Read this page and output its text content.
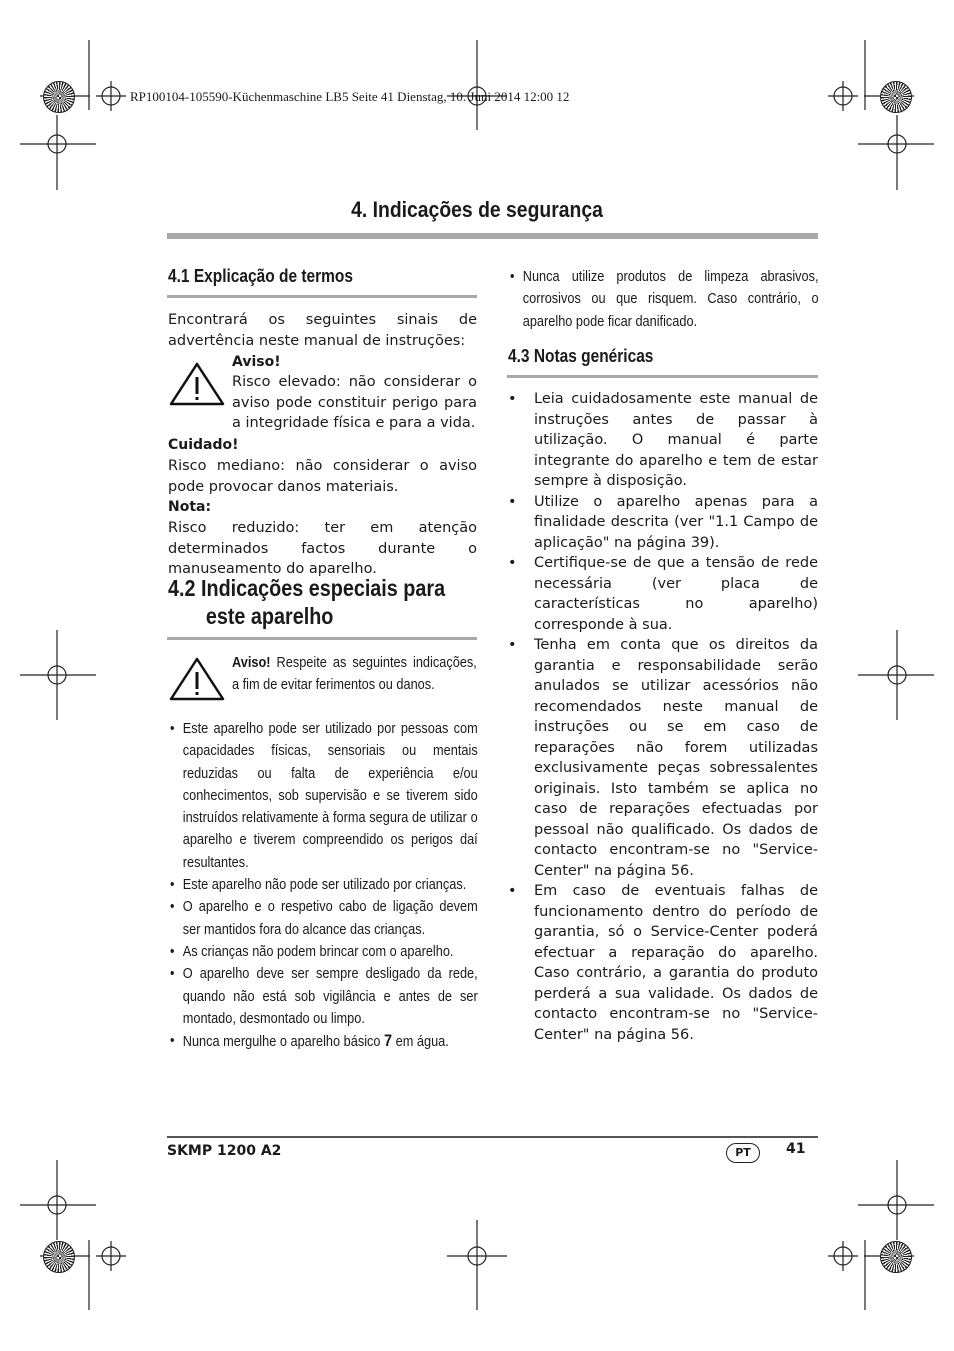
RP100104-105590-Küchenmaschine LB5 Seite 41 Dienstag, 10. Juni 2014 12:00 12
4. Indicações de segurança
4.1 Explicação de termos
Encontrará os seguintes sinais de advertência neste manual de instruções:
Aviso!
Risco elevado: não considerar o aviso pode constituir perigo para a integridade física e para a vida.
Cuidado!
Risco mediano: não considerar o aviso pode provocar danos materiais.
Nota:
Risco reduzido: ter em atenção determinados factos durante o manuseamento do aparelho.
4.2 Indicações especiais para
este aparelho
Aviso! Respeite as seguintes indicações, a fim de evitar ferimentos ou danos.
• Este aparelho pode ser utilizado por pessoas com capacidades físicas, sensoriais ou mentais reduzidas ou falta de experiência e/ou conhecimentos, sob supervisão e se tiverem sido instruídos relativamente à forma segura de utilizar o aparelho e tiverem compreendido os perigos daí resultantes.
• Este aparelho não pode ser utilizado por crianças.
• O aparelho e o respetivo cabo de ligação devem ser mantidos fora do alcance das crianças.
• As crianças não podem brincar com o aparelho.
• O aparelho deve ser sempre desligado da rede, quando não está sob vigilância e antes de ser montado, desmontado ou limpo.
• Nunca mergulhe o aparelho básico 7 em água.
• Nunca utilize produtos de limpeza abrasivos, corrosivos ou que risquem. Caso contrário, o aparelho pode ficar danificado.
4.3 Notas genéricas
• Leia cuidadosamente este manual de instruções antes de passar à utilização. O manual é parte integrante do aparelho e tem de estar sempre à disposição.
• Utilize o aparelho apenas para a finalidade descrita (ver "1.1 Campo de aplicação" na página 39).
• Certifique-se de que a tensão de rede necessária (ver placa de características no aparelho) corresponde à sua.
• Tenha em conta que os direitos da garantia e responsabilidade serão anulados se utilizar acessórios não recomendados neste manual de instruções ou se em caso de reparações não forem utilizadas exclusivamente peças sobressalentes originais. Isto também se aplica no caso de reparações efectuadas por pessoal não qualificado. Os dados de contacto encontram-se no "Service-Center" na página 56.
• Em caso de eventuais falhas de funcionamento dentro do período de garantia, só o Service-Center poderá efectuar a reparação do aparelho. Caso contrário, a garantia do produto perderá a sua validade. Os dados de contacto encontram-se no "Service-Center" na página 56.
SKMP 1200 A2	PT	41
